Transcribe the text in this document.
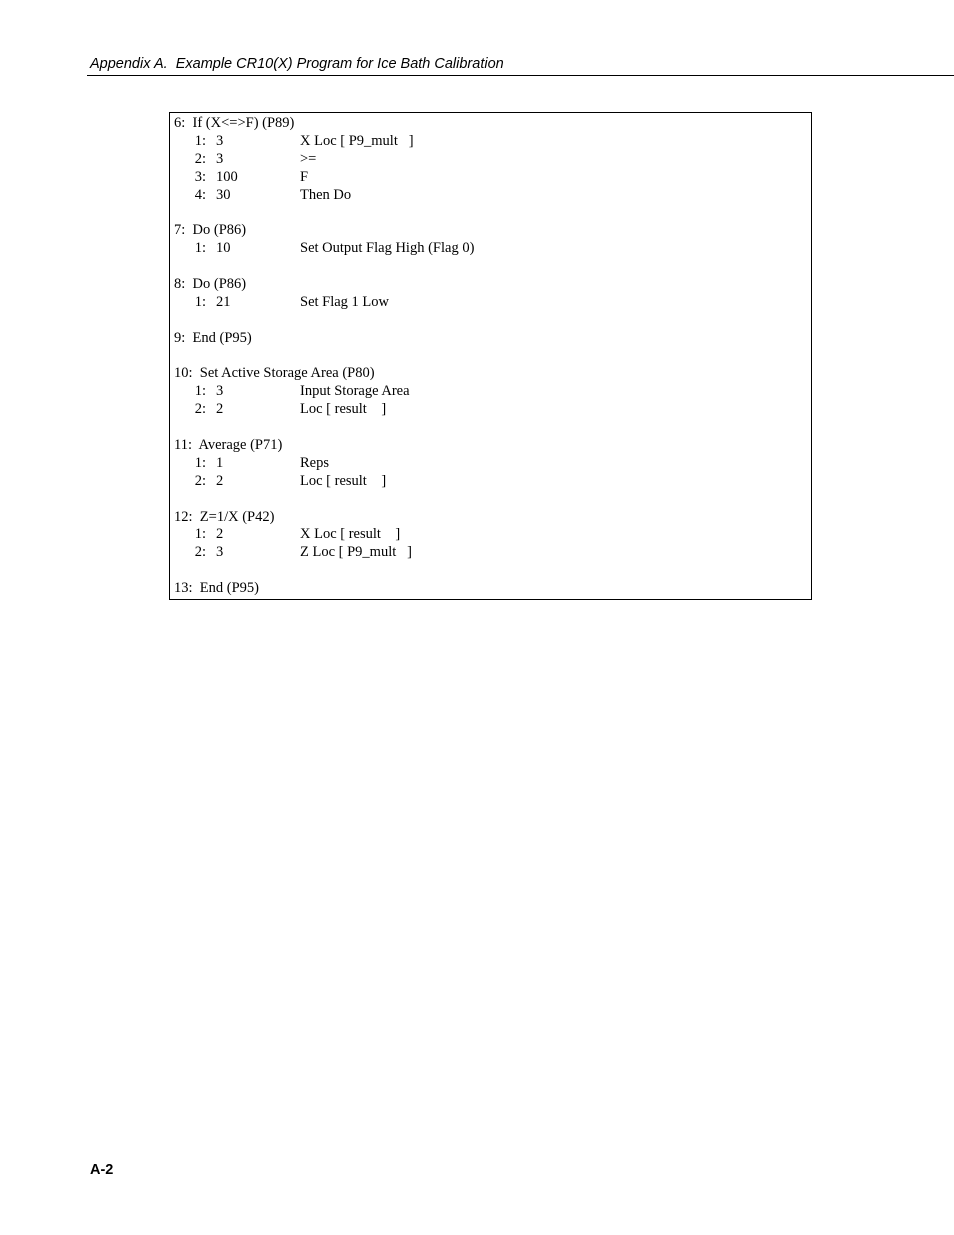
Appendix A.  Example CR10(X) Program for Ice Bath Calibration
6:  If (X<=>F) (P89)
1: 3	X Loc [ P9_mult   ]
2: 3	>=
3: 100	F
4: 30	Then Do
7:  Do (P86)
1: 10	Set Output Flag High (Flag 0)
8:  Do (P86)
1: 21	Set Flag 1 Low
9:  End (P95)
10:  Set Active Storage Area (P80)
1: 3	Input Storage Area
2: 2	Loc [ result    ]
11:  Average (P71)
1: 1	Reps
2: 2	Loc [ result    ]
12:  Z=1/X (P42)
1: 2	X Loc [ result    ]
2: 3	Z Loc [ P9_mult   ]
13:  End (P95)
A-2
